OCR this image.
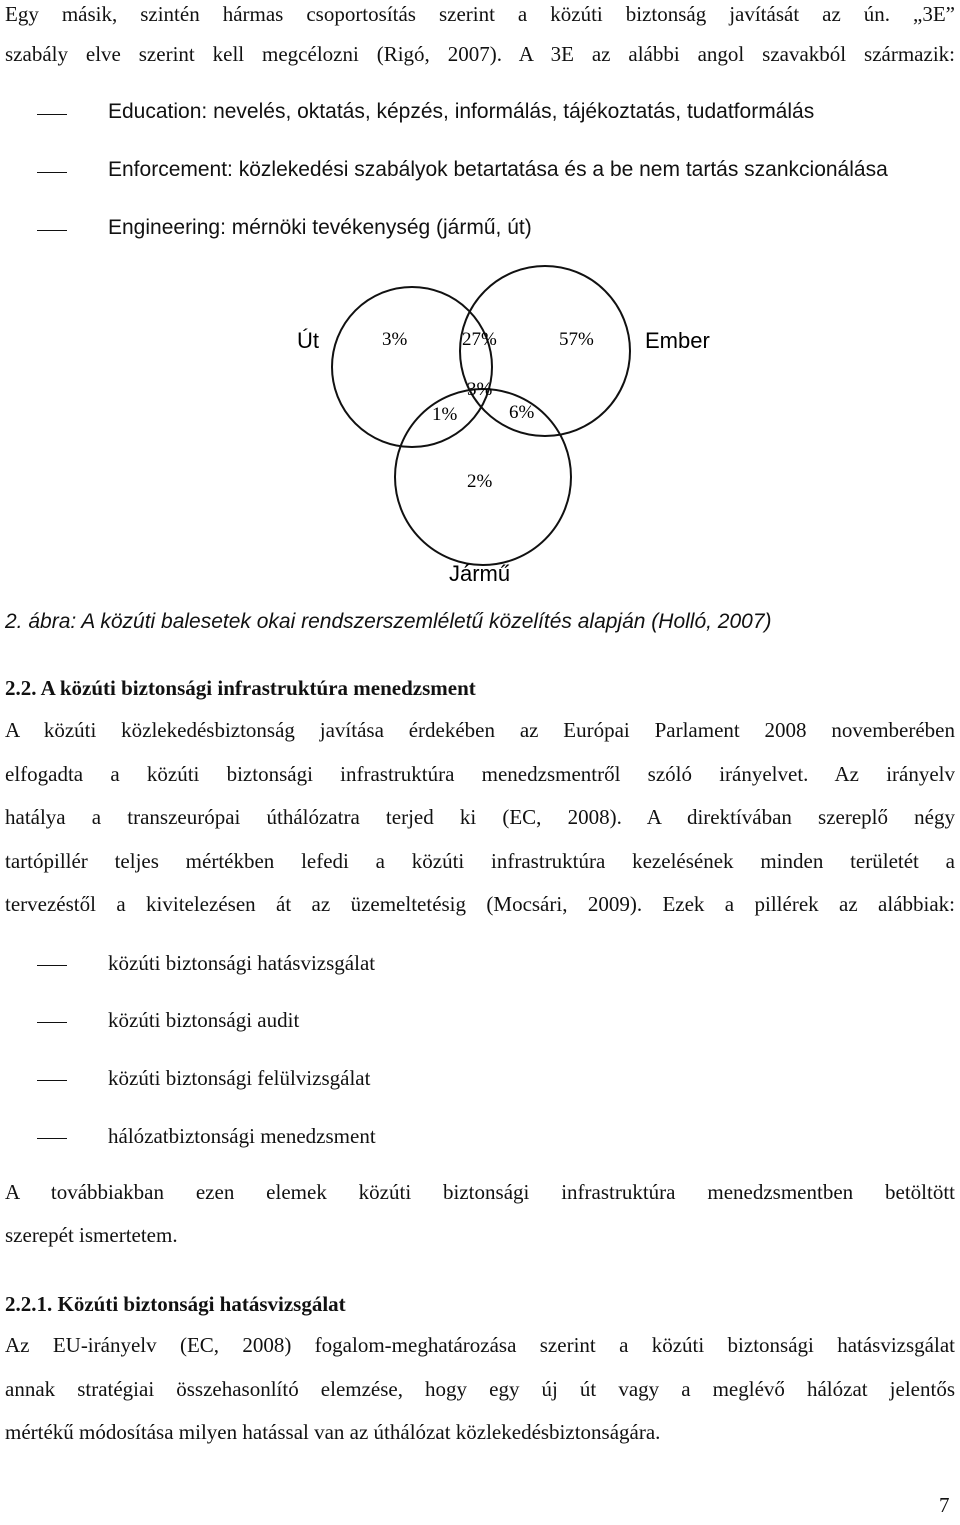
Egy másik, szintén hármas csoportosítás szerint a közúti biztonság javítását az ún. „3E”

szabály elve szerint kell megcélozni (Rigó, 2007). A 3E az alábbi angol szavakból származik:

Education: nevelés, oktatás, képzés, informálás, tájékoztatás, tudatformálás

Enforcement: közlekedési szabályok betartatása és a be nem tartás szankcionálása

Engineering: mérnöki tevékenység (jármű, út)

Út	Ember
Jármű
3%	27%	57%
3%
1%	6%
2%

2. ábra: A közúti balesetek okai rendszerszemléletű közelítés alapján (Holló, 2007)

2.2. A közúti biztonsági infrastruktúra menedzsment

A közúti közlekedésbiztonság javítása érdekében az Európai Parlament 2008 novemberében

elfogadta a közúti biztonsági infrastruktúra menedzsmentről szóló irányelvet. Az irányelv

hatálya a transzeurópai úthálózatra terjed ki (EC, 2008). A direktívában szereplő négy

tartópillér teljes mértékben lefedi a közúti infrastruktúra kezelésének minden területét a

tervezéstől a kivitelezésen át az üzemeltetésig (Mocsári, 2009). Ezek a pillérek az alábbiak:

közúti biztonsági hatásvizsgálat

közúti biztonsági audit

közúti biztonsági felülvizsgálat

hálózatbiztonsági menedzsment

A továbbiakban ezen elemek közúti biztonsági infrastruktúra menedzsmentben betöltött

szerepét ismertetem.

2.2.1. Közúti biztonsági hatásvizsgálat

Az EU-irányelv (EC, 2008) fogalom-meghatározása szerint a közúti biztonsági hatásvizsgálat

annak stratégiai összehasonlító elemzése, hogy egy új út vagy a meglévő hálózat jelentős

mértékű módosítása milyen hatással van az úthálózat közlekedésbiztonságára.

7
